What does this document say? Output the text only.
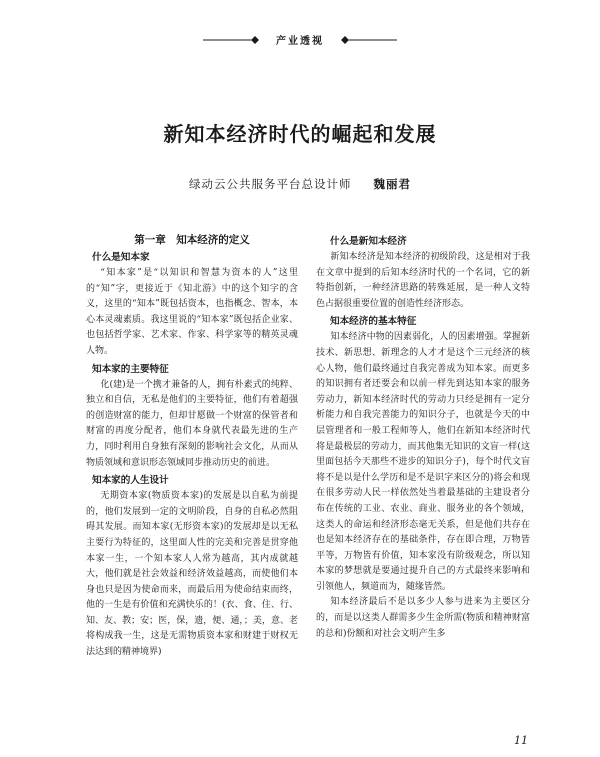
产业透视
新知本经济时代的崛起和发展
绿动云公共服务平台总设计师 魏丽君
第一章　知本经济的定义
什么是知本家

“知本家”是“以知识和智慧为资本的人”这里的“知”字，更接近于《知北游》中的这个知字的含义，这里的“知本”既包括资本，也指概念、智本，本心本灵魂素质。我这里说的“知本家”既包括企业家、也包括哲学家、艺术家、作家、科学家等的精英灵魂人物。

知本家的主要特征

化(建)是一个携才兼备的人，拥有朴素式的纯粹、独立和自信，无私是他们的主要特征，他们有着超强的创造财富的能力，但却甘愿做一个财富的保管者和财富的再度分配者，他们本身就代表最先进的生产力，同时利用自身独有深刻的影响社会文化，从而从物质领域和意识形态领域同步推动历史的前进。

知本家的人生设计

无期资本家(物质资本家)的发展是以自私为前提的，他们发展到一定的文明阶段，自身的自私必然阻碍其发展。而知本家(无形资本家)的发展却是以无私主要行为特征的，这里面人性的完美和完善是贯穿他本家一生，一个知本家人人常为越高，其内成就越大，他们就是社会效益和经济效益越高，而使他们本身也只是因为使命而来，而最后用为使命结束而终，他的一生是有价值和充满快乐的！(衣、食、住、行、知、友、教；安；医，保，遗，便、通，；美，意、老将构成我一生，这是无需物质资本家和财建于财权无法达到的精神境界)

什么是新知本经济

新知本经济是知本经济的初级阶段，这是相对于我在文章中提到的后知本经济时代的一个名词，它的新特指创新，一种经济思路的转殊延展，是一种人文特色占据很重要位置的创造性经济形态。

知本经济的基本特征

知本经济中物的因素弱化，人的因素增强。掌握新技术、新思想、新理念的人才才是这个三元经济的核心人物，他们最终通过自我完善成为知本家。而更多的知识拥有者还要会和以前一样先到达知本家的服务劳动力，新知本经济时代的劳动力只经是拥有一定分析能力和自我完善能力的知识分子，也就是今天的中层管理者和一般工程师等人，他们在新知本经济时代将是最极层的劳动力，而其他集无知识的文盲一样(这里面包括今天那些不进步的知识分子)，每个时代文盲将不是以是什么学历和是不是识字来区分的)将会和现在很多劳动人民一样依然处当着最基础的主建设者分布在传统的工业、农业、商业、服务业的各个领域，这类人的命运和经济形态毫无关系，但是他们共存在也是知本经济存在的基础条件，存在即合理，万物皆平等，万物皆有价值，知本家没有阶级观念，所以知本家的梦想就是要通过提升自己的方式最终来影响和引领他人，频道而为，随缘皆然。

知本经济最后不是以多少人参与进来为主要区分的，而是以这类人群需多少生金所需(物质和精神财富的总和)份额和对社会文明产生多

11
